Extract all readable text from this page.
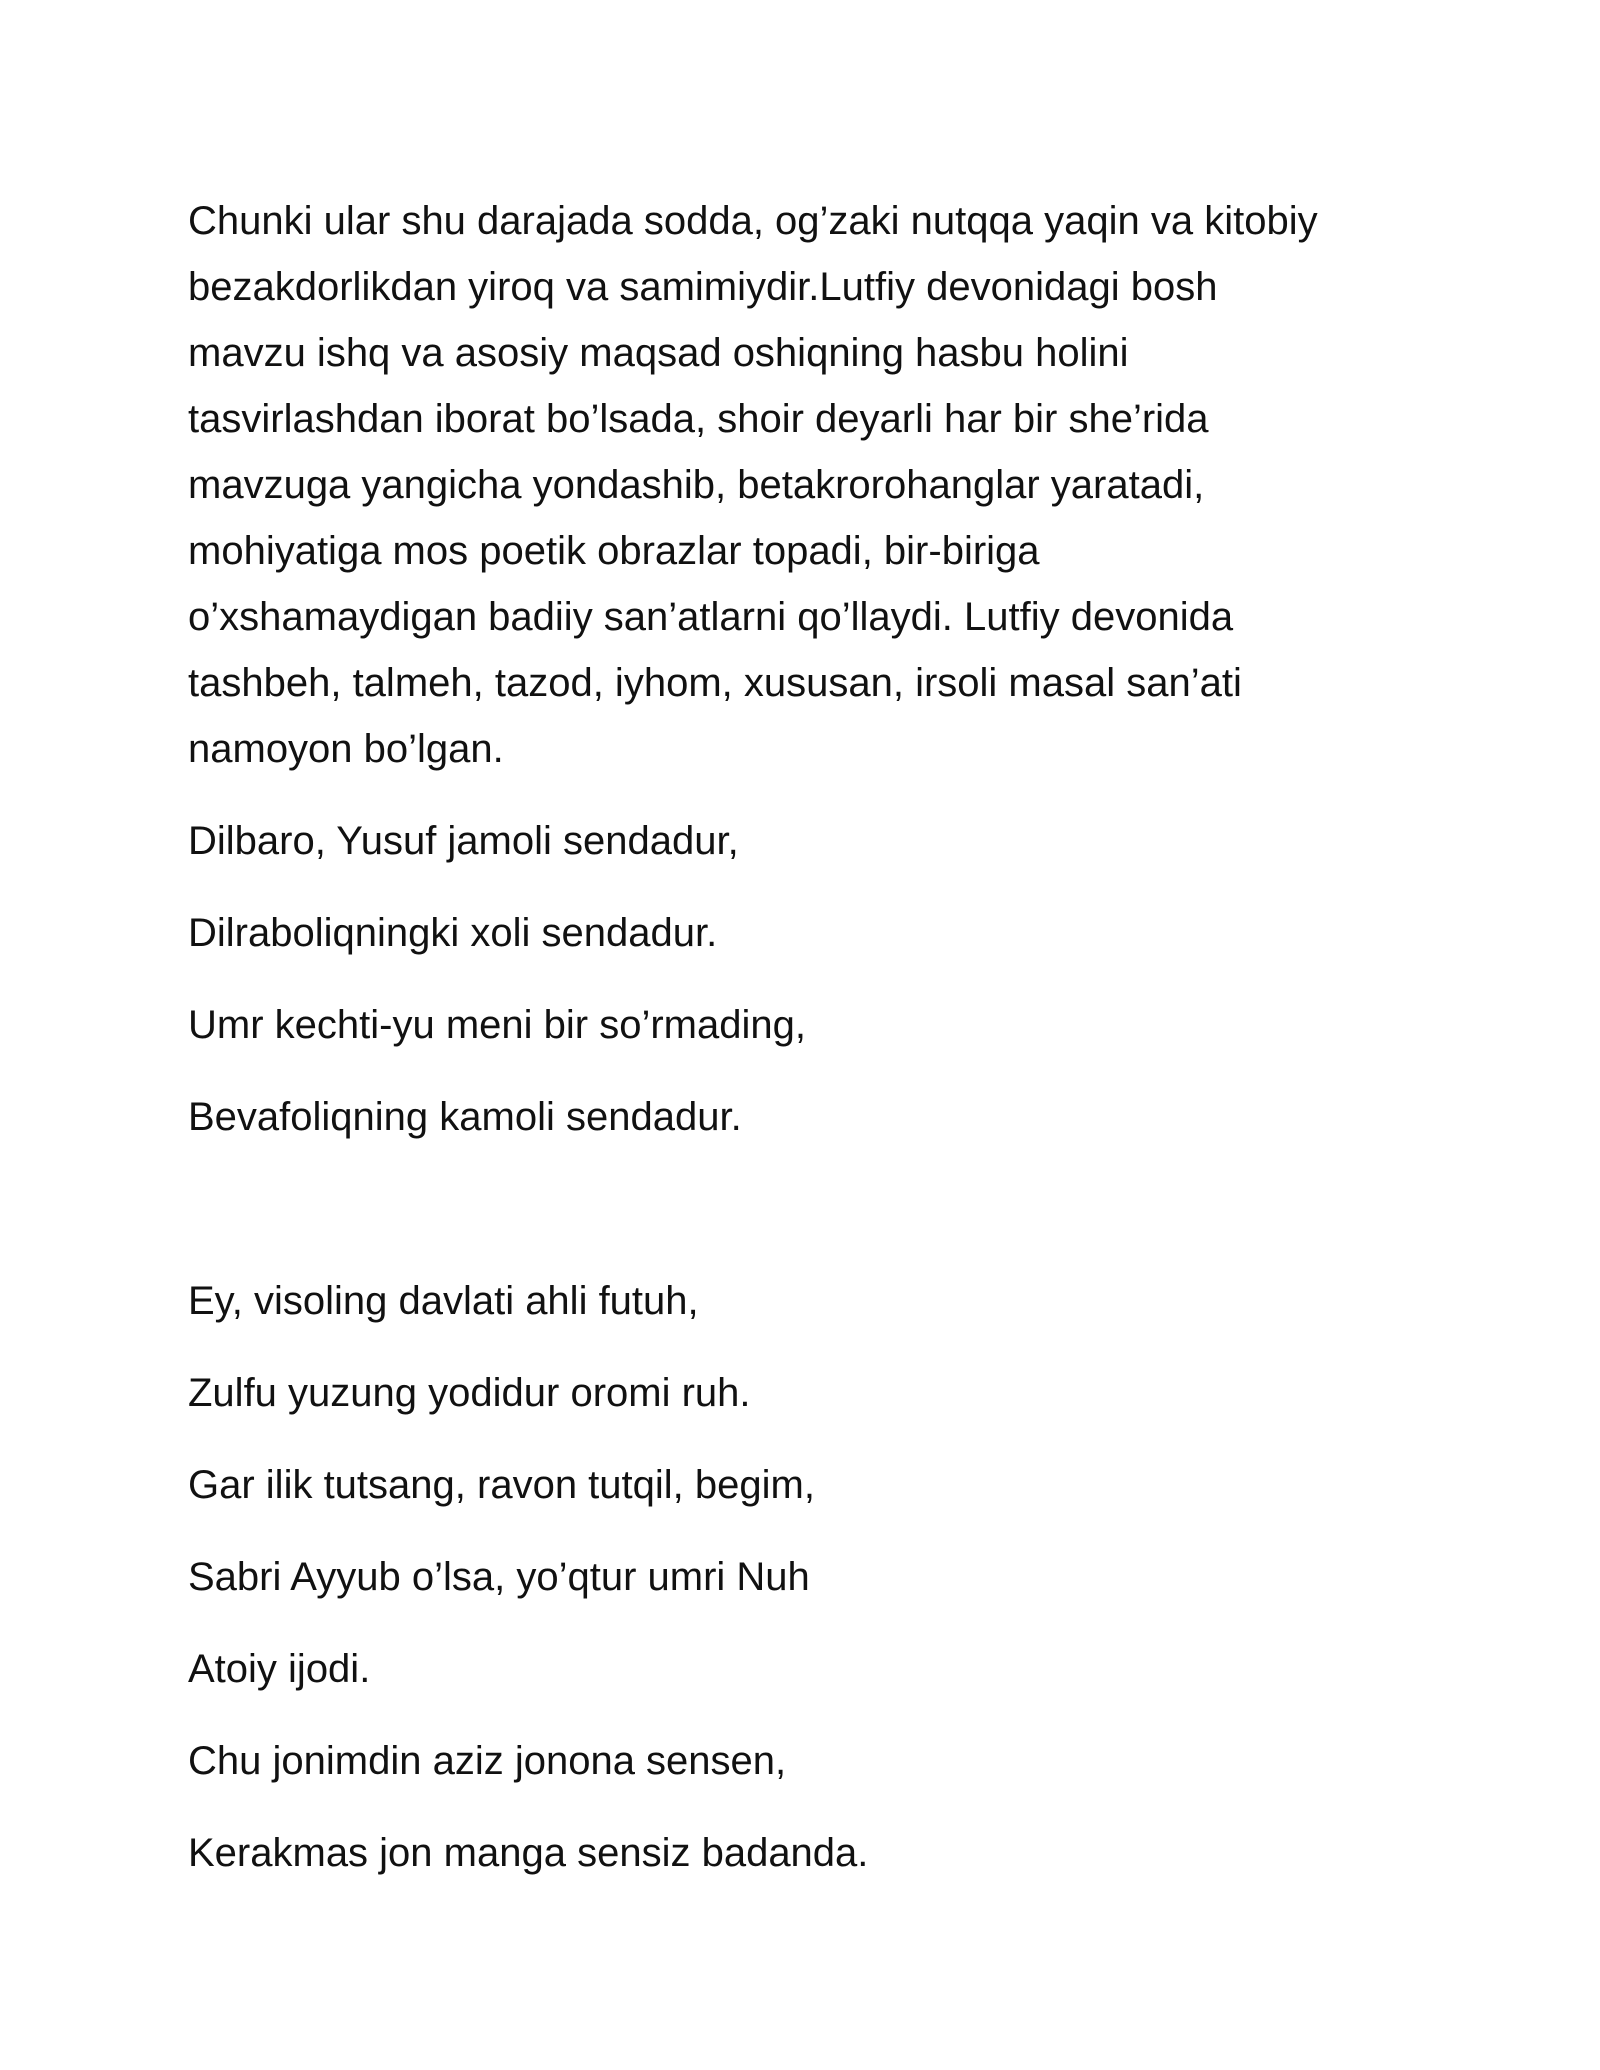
Chunki ular shu darajada sodda, og’zaki nutqqa yaqin va kitobiy
bezakdorlikdan yiroq va samimiydir.Lutfiy devonidagi bosh
mavzu ishq va asosiy maqsad oshiqning hasbu holini
tasvirlashdan iborat bo’lsada, shoir deyarli har bir she’rida
mavzuga yangicha yondashib, betakrorohanglar yaratadi,
mohiyatiga mos poetik obrazlar topadi, bir-biriga
o’xshamaydigan badiiy san’atlarni qo’llaydi. Lutfiy devonida
tashbeh, talmeh, tazod, iyhom, xususan, irsoli masal san’ati
namoyon bo’lgan.
Dilbaro, Yusuf jamoli sendadur,
Dilraboliqningki xoli sendadur.
Umr kechti-yu meni bir so’rmading,
Bevafoliqning kamoli sendadur.
Ey, visoling davlati ahli futuh,
Zulfu yuzung yodidur oromi ruh.
Gar ilik tutsang, ravon tutqil, begim,
Sabri Ayyub o’lsa, yo’qtur umri Nuh
Atoiy ijodi.
Chu jonimdin aziz jonona sensen,
Kerakmas jon manga sensiz badanda.
